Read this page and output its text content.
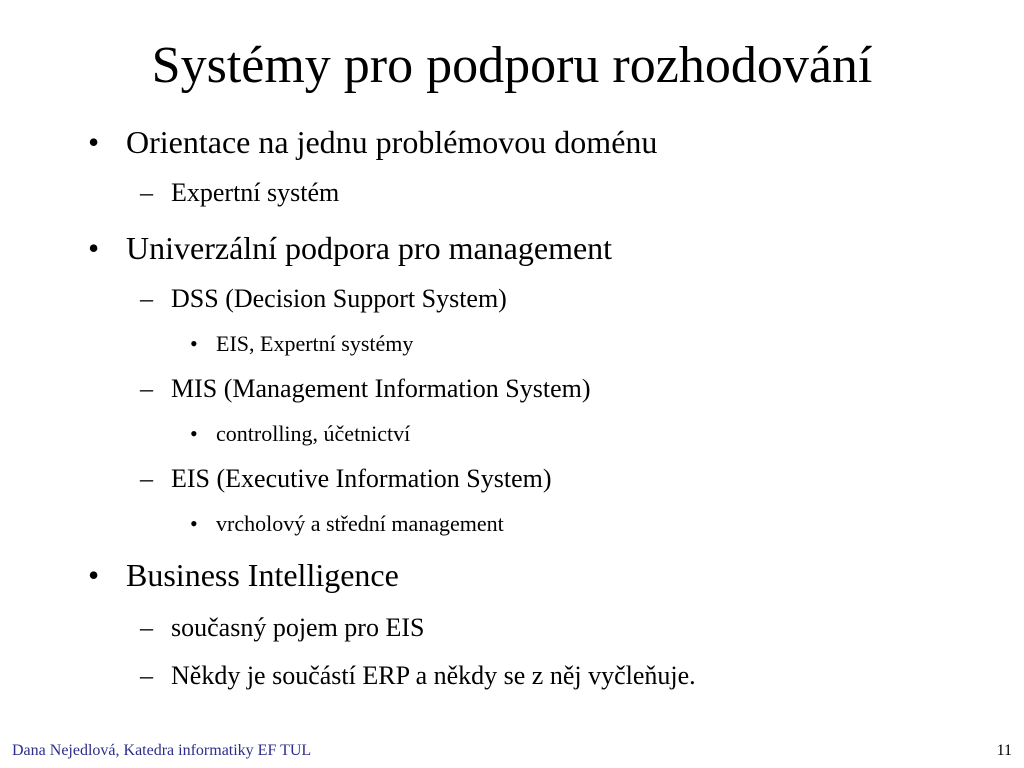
Systémy pro podporu rozhodování
• Orientace na jednu problémovou doménu
– Expertní systém
• Univerzální podpora pro management
– DSS (Decision Support System)
• EIS, Expertní systémy
– MIS (Management Information System)
• controlling, účetnictví
– EIS (Executive Information System)
• vrcholový a střední management
• Business Intelligence
– současný pojem pro EIS
– Někdy je součástí ERP a někdy se z něj vyčleňuje.
Dana Nejedlová, Katedra informatiky EF TUL	11
